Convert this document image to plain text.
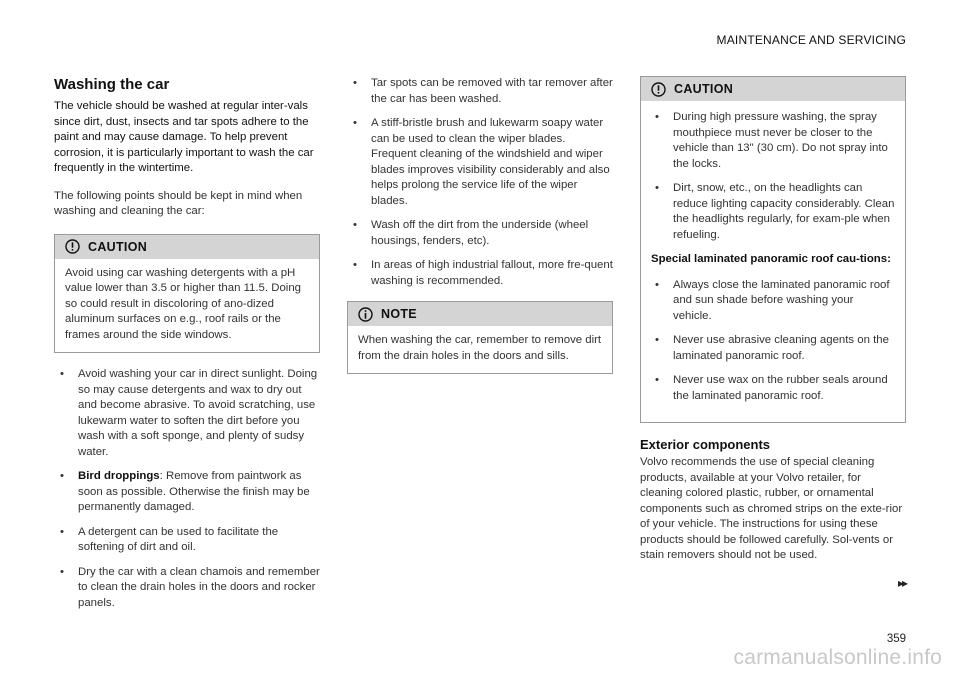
MAINTENANCE AND SERVICING
Washing the car

The vehicle should be washed at regular inter-vals since dirt, dust, insects and tar spots adhere to the paint and may cause damage. To help prevent corrosion, it is particularly important to wash the car frequently in the wintertime.

The following points should be kept in mind when washing and cleaning the car:

CAUTION
Avoid using car washing detergents with a pH value lower than 3.5 or higher than 11.5. Doing so could result in discoloring of ano-dized aluminum surfaces on e.g., roof rails or the frames around the side windows.
• Avoid washing your car in direct sunlight. Doing so may cause detergents and wax to dry out and become abrasive. To avoid scratching, use lukewarm water to soften the dirt before you wash with a soft sponge, and plenty of sudsy water.
• Bird droppings: Remove from paintwork as soon as possible. Otherwise the finish may be permanently damaged.
• A detergent can be used to facilitate the softening of dirt and oil.
• Dry the car with a clean chamois and remember to clean the drain holes in the doors and rocker panels.
• Tar spots can be removed with tar remover after the car has been washed.
• A stiff-bristle brush and lukewarm soapy water can be used to clean the wiper blades. Frequent cleaning of the windshield and wiper blades improves visibility considerably and also helps prolong the service life of the wiper blades.
• Wash off the dirt from the underside (wheel housings, fenders, etc).
• In areas of high industrial fallout, more fre-quent washing is recommended.
NOTE
When washing the car, remember to remove dirt from the drain holes in the doors and sills.
CAUTION
• During high pressure washing, the spray mouthpiece must never be closer to the vehicle than 13" (30 cm). Do not spray into the locks.
• Dirt, snow, etc., on the headlights can reduce lighting capacity considerably. Clean the headlights regularly, for exam-ple when refueling.

Special laminated panoramic roof cau-tions:

• Always close the laminated panoramic roof and sun shade before washing your vehicle.
• Never use abrasive cleaning agents on the laminated panoramic roof.
• Never use wax on the rubber seals around the laminated panoramic roof.
Exterior components

Volvo recommends the use of special cleaning products, available at your Volvo retailer, for cleaning colored plastic, rubber, or ornamental components such as chromed strips on the exte-rior of your vehicle. The instructions for using these products should be followed carefully. Sol-vents or stain removers should not be used.

▸▸
359
carmanualsonline.info
